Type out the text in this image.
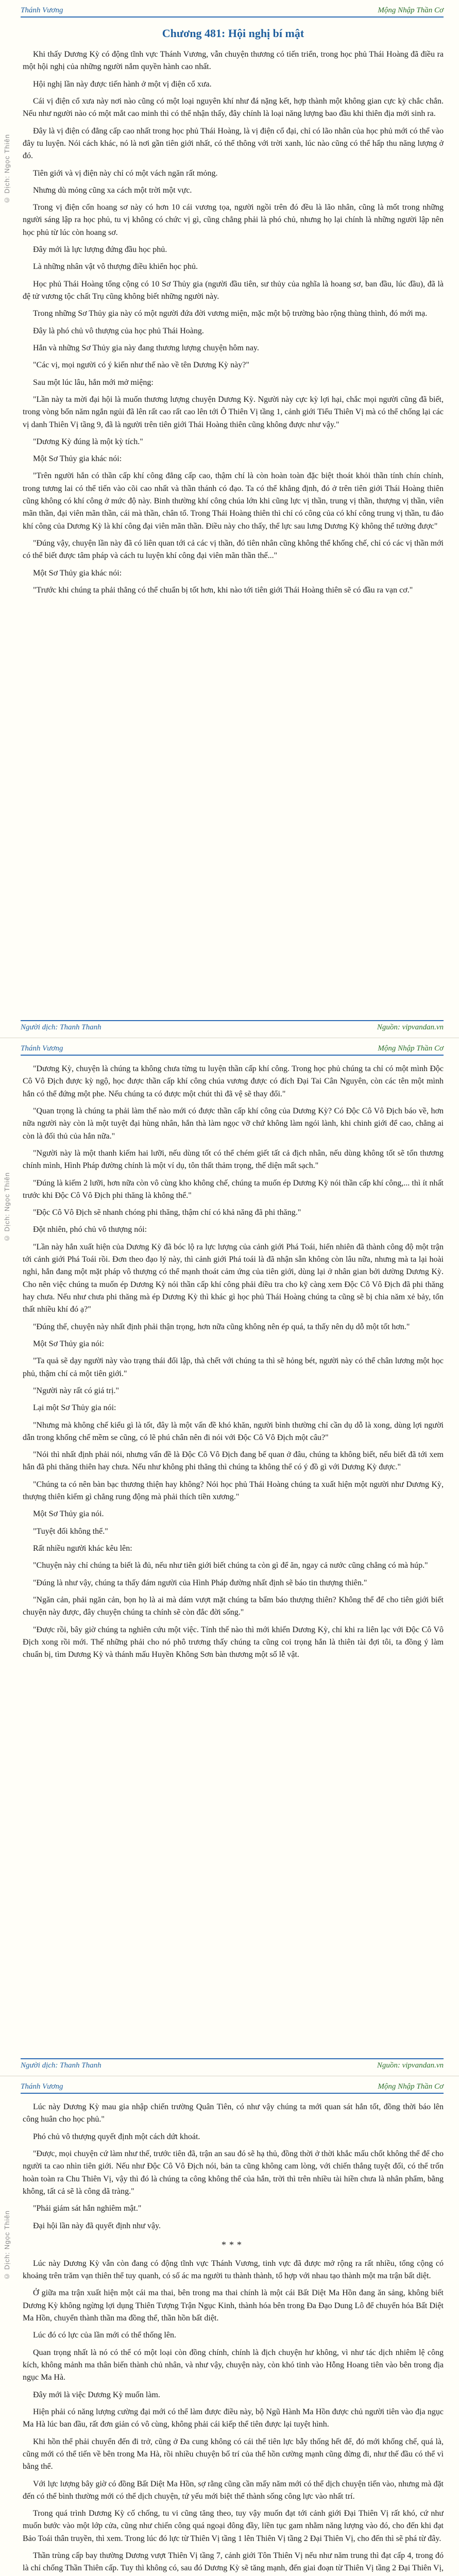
© Dịch: Ngọc Thiên
Thánh Vương	Mộng Nhập Thần Cơ
Chương 481: Hội nghị bí mật

Khi thấy Dương Kỳ có động tĩnh vực Thánh Vương, vẫn chuyện thương có tiến triển, trong học phủ Thái Hoàng đã điều ra một hội nghị của những người nắm quyền hành cao nhất.

Hội nghị lần này được tiến hành ở một vị điện cổ xưa.

Cái vị điện cổ xưa này nơi nào cũng có một loại nguyên khí như đá nặng kết, hợp thành một không gian cực kỳ chắc chắn. Nếu như người nào có một mắt cao minh thì có thể nhận thấy, đây chính là loại năng lượng bao đầu khi thiên địa mới sinh ra.

Đây là vị điện có đẳng cấp cao nhất trong học phủ Thái Hoàng, là vị điện cổ đại, chỉ có lão nhân của học phủ mới có thể vào đây tu luyện. Nói cách khác, nó là nơi gần tiên giới nhất, có thể thông với trời xanh, lúc nào cũng có thể hấp thu năng lượng ở đó.

Tiên giới và vị điện này chỉ có một vách ngăn rất mỏng.

Nhưng dù mỏng cũng xa cách một trời một vực.

Trong vị điện cổn hoang sơ này có hơn 10 cái vương tọa, người ngồi trên đó đều là lão nhân, cũng là mốt trong những người sáng lập ra học phủ, tu vị không có chức vị gì, cũng chẳng phải là phó chủ, nhưng họ lại chính là những người lập nên học phủ từ lúc còn hoang sơ.

Đây mới là lực lượng đứng đầu học phủ.

Là những nhân vật vô thượng điều khiển học phủ.

Học phủ Thái Hoàng tổng cộng có 10 Sơ Thủy gia (người đầu tiên, sư thủy của nghĩa là hoang sơ, ban đầu, lúc đầu), đã là đệ tử vương tộc chất Trụ cũng không biết những người này.

Trong những Sơ Thủy gia này có một người đứa đời vương miện, mặc một bộ trường bào rộng thùng thình, đó mới mạ.

Đây là phó chủ vô thượng của học phủ Thái Hoàng.

Hắn và những Sơ Thủy gia này đang thương lượng chuyện hôm nay.

"Các vị, mọi người có ý kiến như thế nào về tên Dương Kỳ này?"

Sau một lúc lâu, hắn mới mở miệng:

"Lần này ta mời đại hội là muốn thương lượng chuyện Dương Kỳ. Người này cực kỳ lợi hại, chắc mọi người cũng đã biết, trong vòng bốn năm ngắn ngủi đã lên rất cao rất cao lên tới Ô Thiên Vị tầng 1, cảnh giới Tiểu Thiên Vị mà có thể chống lại các vị danh Thiên Vị tầng 9, đã là người trên tiên giới Thái Hoàng thiên cũng không được như vậy."

"Dương Kỳ đúng là một kỳ tích."

Một Sơ Thủy gia khác nói:

"Trên người hắn có thần cấp khí công đẳng cấp cao, thậm chí là còn hoàn toàn đặc biệt thoát khỏi thần tính chín chính, trong tương lai có thể tiến vào cõi cao nhất và thần thánh có đạo. Ta có thể khẳng định, đó ở trên tiên giới Thái Hoàng thiên cũng không có khí công ở mức độ này. Binh thường khí công chúa lớn khi cũng lực vị thần, trung vị thần, thượng vị thần, viên mãn thần, đại viên mãn thần, cái mà thần, chân tổ. Trong Thái Hoàng thiên thì chỉ có công của có khí công trung vị thần, tu đảo khí công của Dương Kỳ là khí công đại viên mãn thần. Điều này cho thấy, thể lực sau lưng Dương Kỳ không thể tưởng được"

"Đúng vậy, chuyện lần này đã có liên quan tới cả các vị thần, đó tiên nhân cũng không thể khống chế, chỉ có các vị thần mới có thể biết được tâm pháp và cách tu luyện khí công đại viên mãn thần thế..."

Một Sơ Thủy gia khác nói:

"Trước khi chúng ta phải thẳng có thể chuẩn bị tốt hơn, khi nào tới tiên giới Thái Hoàng thiên sẽ có đầu ra vạn cơ."

Người dịch: Thanh Thanh	Nguồn: vipvandan.vn
© Dịch: Ngọc Thiên
Thánh Vương	Mộng Nhập Thần Cơ

"Dương Kỳ, chuyện là chúng ta không chưa từng tu luyện thần cấp khí công. Trong học phủ chúng ta chỉ có một mình Độc Cô Vô Địch được kỳ ngộ, học được thần cấp khí công chúa vương được có đích Đại Tai Cân Nguyên, còn các tên một mình hắn có thể đứng một phe. Nếu chúng ta có được một chút thì đã vệ sẽ thay đổi."

"Quan trọng là chúng ta phải làm thế nào mới có được thần cấp khí công của Dương Kỳ? Có Độc Cô Vô Địch báo về, hơn nữa người này còn là một tuyệt đại hùng nhân, hắn thà làm ngọc vỡ chứ không làm ngói lành, khi chinh giới để cao, chẳng ai còn là đối thủ của hắn nữa."

"Người này là một thanh kiếm hai lưỡi, nếu dùng tốt có thể chém giết tất cả địch nhân, nếu dùng không tốt sẽ tổn thương chính mình, Hình Pháp đường chính là một ví dụ, tôn thất thảm trọng, thế diện mất sạch."

"Đúng là kiếm 2 lưỡi, hơn nữa còn vô cùng kho không chế, chúng ta muốn ép Dương Kỳ nói thần cấp khí công,... thì ít nhất trước khi Độc Cô Vô Địch phi thăng là không thể."

"Độc Cô Vô Địch sẽ nhanh chóng phi thăng, thậm chí có khả năng đã phi thăng."

Đột nhiên, phó chủ vô thượng nói:

"Lần này hắn xuất hiện của Dương Kỳ đã bóc lộ ra lực lượng của cảnh giới Phá Toái, hiển nhiên đã thành công độ một trận tới cảnh giới Phá Toái rồi. Đơn theo đạo lý này, thì cảnh giới Phá toái là đã nhận sẵn không còn lâu nữa, nhưng mà ta lại hoài nghi, hắn đang một mặt pháp vô thượng có thể mạnh thoát cảm ứng của tiên giới, dùng lại ở nhân gian bởi dường Dương Kỳ. Cho nên việc chúng ta muốn ép Dương Kỳ nói thần cấp khí công phải điều tra cho kỹ càng xem Độc Cô Vô Địch đã phi thăng hay chưa. Nếu như chưa phi thăng mà ép Dương Kỳ thì khác gì học phủ Thái Hoàng chúng ta cũng sẽ bị chia năm xẻ bảy, tổn thất nhiều khí đó ạ?"

"Đúng thế, chuyện này nhất định phải thận trọng, hơn nữa cũng không nên ép quá, ta thấy nên dụ dỗ một tốt hơn."

Một Sơ Thủy gia nói:

"Ta quả sẽ dạy người này vào trạng thái đối lập, thà chết với chúng ta thì sẽ hỏng bét, người này có thể chân lương một học phủ, thậm chí cả một tiên giới."

"Người này rất có giá trị."

Lại một Sơ Thủy gia nói:

"Nhưng mà không chế kiểu gì là tốt, đây là một vấn đề khó khăn, người bình thường chỉ cần dụ dỗ là xong, dùng lợi người dẫn trong khống chế mềm se cũng, có lẽ phú chân nên đi nói với Độc Cô Vô Địch một câu?"

"Nói thì nhất định phải nói, nhưng vấn đề là Độc Cô Vô Địch đang bế quan ở đâu, chúng ta không biết, nếu biết đã tới xem hắn đã phi thăng thiên hay chưa. Nếu như không phi thăng thì chúng ta không thể có ý đồ gì với Dương Kỳ được."

"Chúng ta có nên bàn bạc thương thiện hay không? Nói học phủ Thái Hoàng chúng ta xuất hiện một người như Dương Kỳ, thượng thiên kiếm gì chẳng rung động mà phải thích tiền xương."

Một Sơ Thủy gia nói.

"Tuyệt đối không thể."

Rất nhiều người khác kêu lên:

"Chuyện này chỉ chúng ta biết là đủ, nếu như tiên giới biết chúng ta còn gì để ăn, ngay cả nước cũng chẳng có mà húp."

"Đúng là như vậy, chúng ta thấy đám người của Hình Pháp đường nhất định sẽ báo tin thượng thiên."

"Ngăn cản, phải ngăn cản, bọn họ là ai mà dám vượt mặt chúng ta bẩm báo thượng thiên? Không thể để cho tiên giới biết chuyện này được, đây chuyện chúng ta chính sẽ còn đắc đời sống."

"Được rồi, bây giờ chúng ta nghiên cứu một việc. Tính thế nào thì mới khiến Dương Kỳ, chỉ khi ra liên lạc với Độc Cô Vô Địch xong rồi mới. Thế những phải cho nó phô trương thấy chúng ta cũng coi trọng hắn là thiên tài đợi tôi, ta đồng ý làm chuẩn bị, tìm Dương Kỳ và thánh mấu Huyền Không Sơn bàn thương một số lễ vật.

Người dịch: Thanh Thanh	Nguồn: vipvandan.vn
© Dịch: Ngọc Thiên
Thánh Vương	Mộng Nhập Thần Cơ

Lúc này Dương Kỳ mau gia nhập chiến trường Quân Tiên, có như vậy chúng ta mới quan sát hắn tốt, đồng thời báo lên công huân cho học phủ."

Phó chủ vô thượng quyết định một cách dứt khoát.

"Được, mọi chuyện cứ làm như thế, trước tiên đã, trận an sau đó sẽ hạ thủ, đồng thời ở thời khắc mấu chốt không thể để cho người ta cao nhìn tiên giới. Nếu như Độc Cô Vô Địch nói, bản ta cũng không cam lòng, với chiến thắng tuyệt đối, có thể trốn hoàn toàn ra Chu Thiên Vị, vậy thì đó là chúng ta công không thể của hắn, trời thì trên nhiều tài hiền chưa là nhân phẩm, bằng không, tất cả sẽ là công dã tràng."

"Phải giám sát hắn nghiêm mật."

Đại hội lần này đã quyết định như vậy.

***

Lúc này Dương Kỳ vẫn còn đang có động tĩnh vực Thánh Vương, tinh vực đã được mở rộng ra rất nhiều, tổng cộng có khoảng trên trăm vạn thiên thể tuy quanh, có số ác ma người tu thành thành, tổ hợp với nhau tạo thành một ma trận bất diệt.

Ở giữa ma trận xuất hiện một cái ma thai, bên trong ma thai chính là một cái Bất Diệt Ma Hồn đang ăn sảng, không biết Dương Kỳ không ngừng lợi dụng Thiên Tượng Trận Ngục Kinh, thành hóa bên trong Đa Đạo Dung Lô để chuyển hóa Bất Diệt Ma Hồn, chuyển thành thần ma đồng thể, thần hồn bất diệt.

Lúc đó có lực của lần mới có thể thống lên.

Quan trọng nhất là nó có thể có một loại còn đồng chính, chính là địch chuyện hư không, vì như tác dịch nhiêm lệ công kích, không mảnh ma thân biến thành chủ nhân, và như vậy, chuyện này, còn khó tinh vào Hỗng Hoang tiên vào bên trong địa ngục Ma Hà.

Đây mới là việc Dương Kỳ muốn làm.

Hiện phải có năng lượng cường đại mới có thể làm được điều này, bộ Ngũ Hành Ma Hồn được chủ người tiên vào địa ngục Ma Hà lúc ban đầu, rất đơn giản có vô cùng, không phải cái kiếp thể tiên được lại tuyệt hình.

Khi hồn thể phải chuyển đến đi trở, cũng ở Đa cung không có cái thể tiên lực bẫy thống hết để, đó mới khống chế, quá là, cũng mới có thể tiến về bên trong Ma Hà, rồi nhiều chuyện bố trí của thể hồn cường mạnh cũng đừng đi, như thế đầu có thể vì bằng thể.

Với lực lượng bây giờ có đồng Bất Diệt Ma Hồn, sợ rằng cũng cần mấy năm mới có thể dịch chuyện tiến vào, nhưng mà đặt đến có thể bình thường mới có thể dịch chuyện, tứ yếu mới biệt thể thành sống công lực vào nhất trí.

Trong quá trình Dương Kỳ cố chống, tu vi cũng tăng theo, tuy vậy muốn đạt tới cảnh giới Đại Thiên Vị rất khó, cứ như muốn bước vào một lớp cửa, cũng như chiến công quá ngoại đông đầy, liền tục gam nhằm năng lượng vào đó, cho đến khi đạt Bảo Toái thân truyền, thì xem. Trong lúc đó lực từ Thiên Vị tầng 1 lên Thiên Vị tầng 2 Đại Thiên Vị, cho đến thì sẽ phá từ đây.

Thần trùng cấp bay thường Dương vượt Thiên Vị tầng 7, cảnh giới Tôn Thiên Vị nếu như năm trung thì đạt cấp 4, trong đó là chỉ chống Thần Thiên cấp. Tuy thì không có, sau đó Dương Kỳ sẽ tăng mạnh, đến giai đoạn từ Thiên Vị tầng 2 Đại Thiên Vị,
